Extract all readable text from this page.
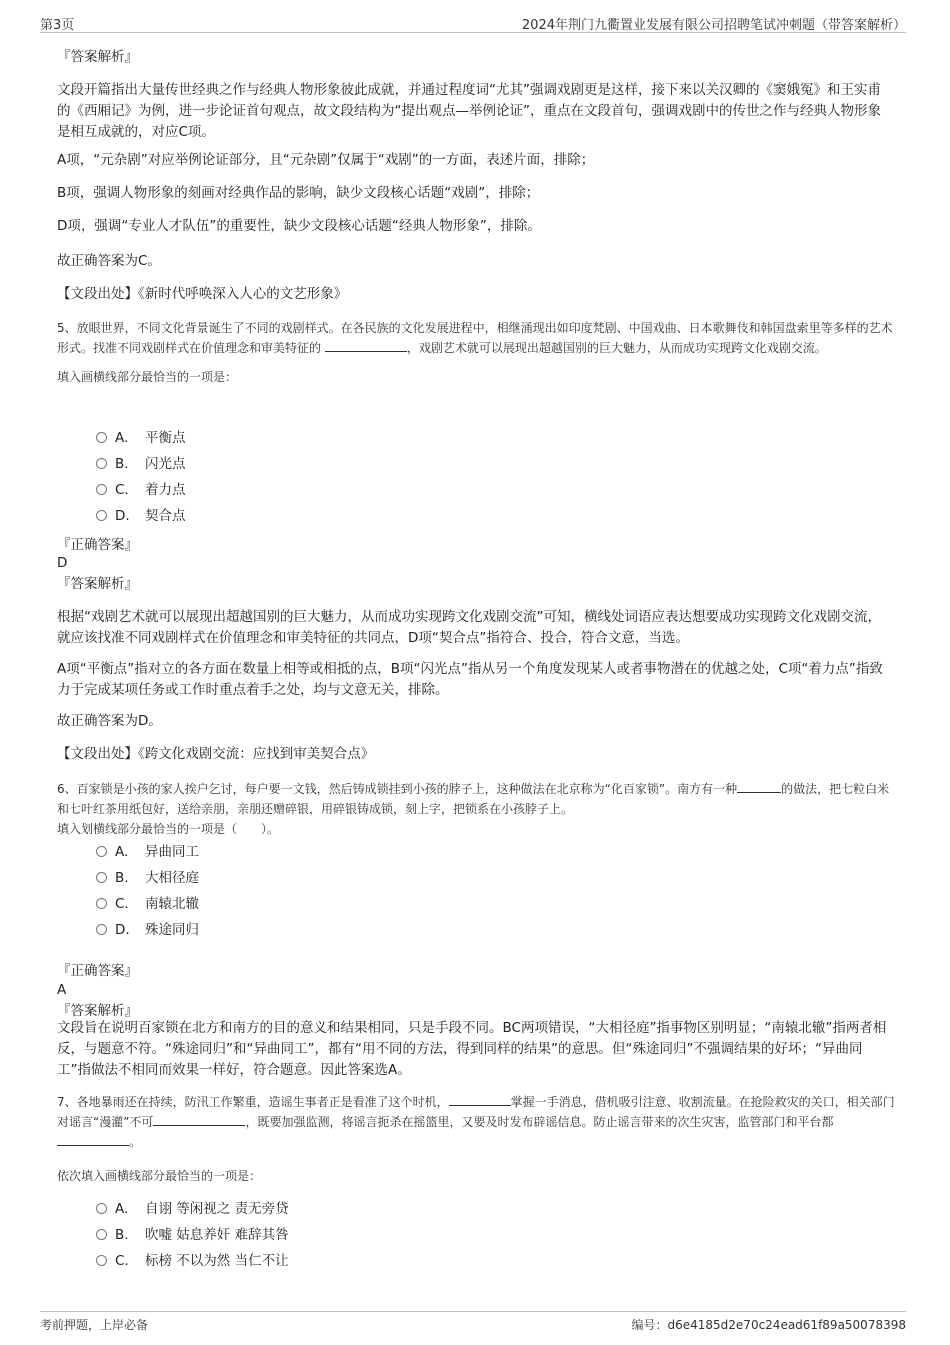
第3页	2024年荆门九衢置业发展有限公司招聘笔试冲刺题（带答案解析）

『答案解析』

文段开篇指出大量传世经典之作与经典人物形象彼此成就，并通过程度词“尤其”强调戏剧更是这样，接下来以关汉卿的《窦娥冤》和王实甫的《西厢记》为例，进一步论证首句观点，故文段结构为“提出观点—举例论证”，重点在文段首句，强调戏剧中的传世之作与经典人物形象是相互成就的，对应C项。

A项，“元杂剧”对应举例论证部分，且“元杂剧”仅属于“戏剧”的一方面，表述片面，排除；

B项，强调人物形象的刻画对经典作品的影响，缺少文段核心话题“戏剧”，排除；

D项，强调“专业人才队伍”的重要性，缺少文段核心话题“经典人物形象”，排除。

故正确答案为C。

【文段出处】《新时代呼唤深入人心的文艺形象》

5、放眼世界，不同文化背景诞生了不同的戏剧样式。在各民族的文化发展进程中，相继涌现出如印度梵剧、中国戏曲、日本歌舞伎和韩国盘索里等多样的艺术形式。找准不同戏剧样式在价值理念和审美特征的	，戏剧艺术就可以展现出超越国别的巨大魅力，从而成功实现跨文化戏剧交流。

填入画横线部分最恰当的一项是：

A. 平衡点
B. 闪光点
C. 着力点
D. 契合点

『正确答案』

D

『答案解析』

根据“戏剧艺术就可以展现出超越国别的巨大魅力，从而成功实现跨文化戏剧交流”可知，横线处词语应表达想要成功实现跨文化戏剧交流，就应该找准不同戏剧样式在价值理念和审美特征的共同点，D项“契合点”指符合、投合，符合文意，当选。

A项“平衡点”指对立的各方面在数量上相等或相抵的点，B项“闪光点”指从另一个角度发现某人或者事物潜在的优越之处，C项“着力点”指致力于完成某项任务或工作时重点着手之处，均与文意无关，排除。

故正确答案为D。

【文段出处】《跨文化戏剧交流：应找到审美契合点》

6、百家锁是小孩的家人挨户乞讨，每户要一文钱，然后铸成锁挂到小孩的脖子上，这种做法在北京称为“化百家锁”。南方有一种	的做法，把七粒白米和七叶红茶用纸包好，送给亲朋，亲朋还赠碎银，用碎银铸成锁，刻上字，把锁系在小孩脖子上。

填入划横线部分最恰当的一项是（　　）。

A. 异曲同工
B. 大相径庭
C. 南辕北辙
D. 殊途同归

『正确答案』

A

『答案解析』

文段旨在说明百家锁在北方和南方的目的意义和结果相同，只是手段不同。BC两项错误，“大相径庭”指事物区别明显；“南辕北辙”指两者相反，与题意不符。“殊途同归”和“异曲同工”，都有“用不同的方法，得到同样的结果”的意思。但“殊途同归”不强调结果的好坏；“异曲同工”指做法不相同而效果一样好，符合题意。因此答案选A。

7、各地暴雨还在持续，防汛工作繁重，造谣生事者正是看准了这个时机，	掌握一手消息，借机吸引注意、收割流量。在抢险救灾的关口，相关部门对谣言“漫灌”不可	，既要加强监测，将谣言扼杀在摇篮里，又要及时发布辟谣信息。防止谣言带来的次生灾害，监管部门和平台都。

依次填入画横线部分最恰当的一项是：

A. 自诩 等闲视之 责无旁贷
B. 吹嘘 姑息养奸 难辞其咎
C. 标榜 不以为然 当仁不让
考前押题，上岸必备	编号：d6e4185d2e70c24ead61f89a50078398
